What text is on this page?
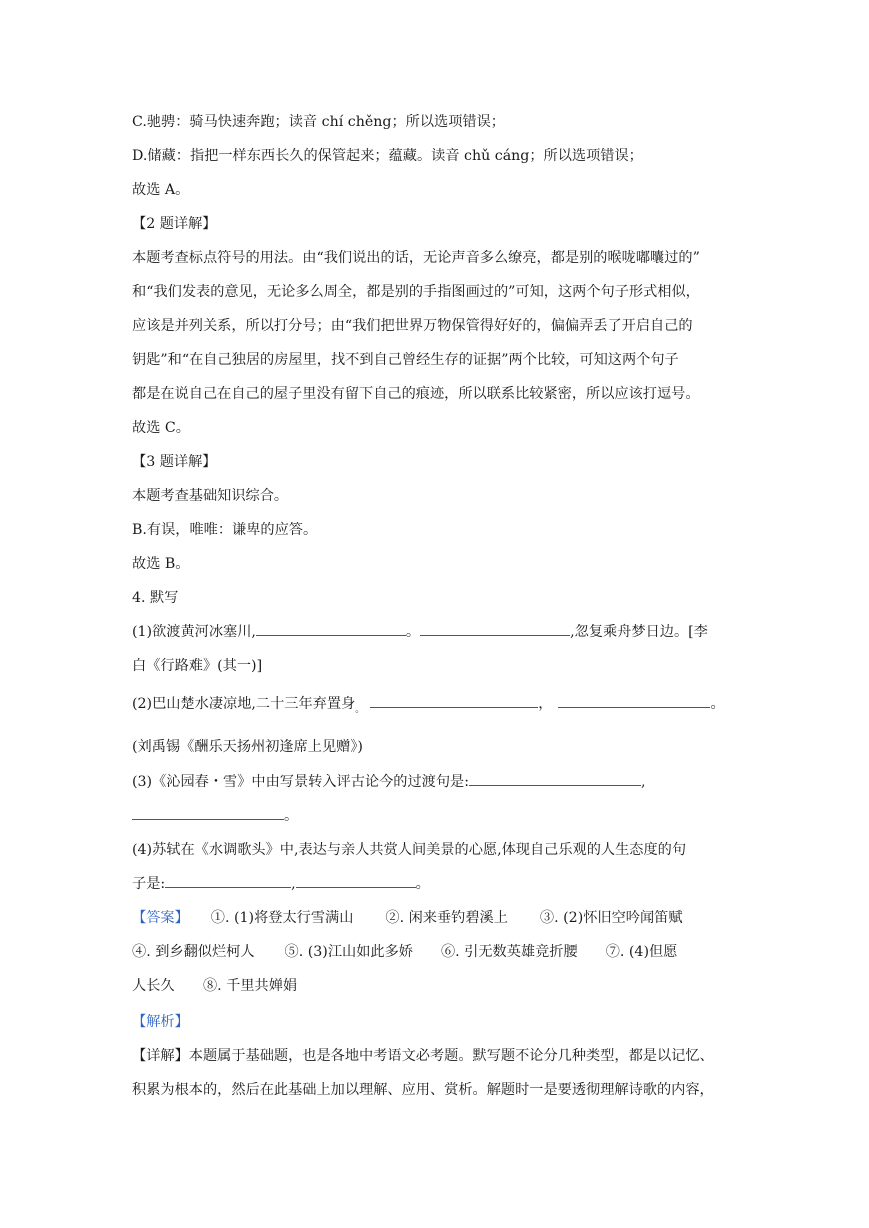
C.驰骋：骑马快速奔跑；读音 chí chěng；所以选项错误；
D.储藏：指把一样东西长久的保管起来；蕴藏。读音 chǔ cáng；所以选项错误；
故选 A。
【2 题详解】
本题考查标点符号的用法。由“我们说出的话，无论声音多么缭亮，都是别的喉咙嘟囔过的”
和“我们发表的意见，无论多么周全，都是别的手指图画过的”可知，这两个句子形式相似，
应该是并列关系，所以打分号；由“我们把世界万物保管得好好的，偏偏弄丢了开启自己的
钥匙”和“在自己独居的房屋里，找不到自己曾经生存的证据”两个比较，可知这两个句子
都是在说自己在自己的屋子里没有留下自己的痕迹，所以联系比较紧密，所以应该打逗号。
故选 C。
【3 题详解】
本题考查基础知识综合。
B.有误，唯唯：谦卑的应答。
故选 B。
4. 默写
(1)欲渡黄河冰塞川,	。	,忽复乘舟梦日边。[李
白《行路难》(其一)]
(2)巴山楚水凄凉地,二十三年弃置身$_。$	，	。
(刘禹锡《酬乐天扬州初逢席上见赠》)
(3)《沁园春・雪》中由写景转入评古论今的过渡句是:	,
。
(4)苏轼在《水调歌头》中,表达与亲人共赏人间美景的心愿,体现自己乐观的人生态度的句
子是:	,	。
【答案】 ①. (1)将登太行雪满山 ②. 闲来垂钓碧溪上 ③. (2)怀旧空吟闻笛赋
④. 到乡翻似烂柯人 ⑤. (3)江山如此多娇 ⑥. 引无数英雄竞折腰 ⑦. (4)但愿
人长久　　⑧. 千里共婵娟
【解析】
【详解】本题属于基础题，也是各地中考语文必考题。默写题不论分几种类型，都是以记忆、
积累为根本的，然后在此基础上加以理解、应用、赏析。解题时一是要透彻理解诗歌的内容，
